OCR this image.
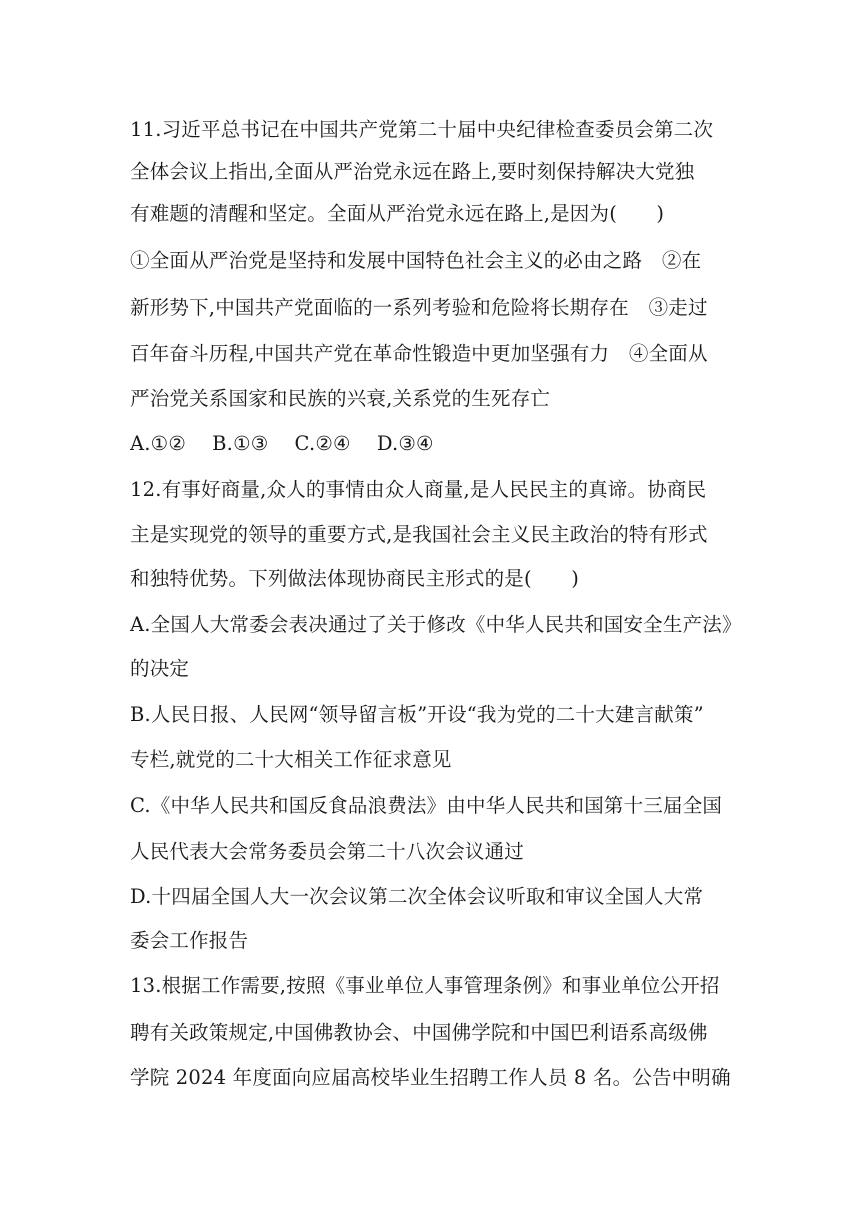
11.习近平总书记在中国共产党第二十届中央纪律检查委员会第二次
全体会议上指出,全面从严治党永远在路上,要时刻保持解决大党独
有难题的清醒和坚定。全面从严治党永远在路上,是因为(　　)
①全面从严治党是坚持和发展中国特色社会主义的必由之路　②在
新形势下,中国共产党面临的一系列考验和危险将长期存在　③走过
百年奋斗历程,中国共产党在革命性锻造中更加坚强有力　④全面从
严治党关系国家和民族的兴衰,关系党的生死存亡
A.①②　 B.①③　 C.②④　 D.③④
12.有事好商量,众人的事情由众人商量,是人民民主的真谛。协商民
主是实现党的领导的重要方式,是我国社会主义民主政治的特有形式
和独特优势。下列做法体现协商民主形式的是(　　)
A.全国人大常委会表决通过了关于修改《中华人民共和国安全生产法》
的决定
B.人民日报、人民网“领导留言板”开设“我为党的二十大建言献策”
专栏,就党的二十大相关工作征求意见
C.《中华人民共和国反食品浪费法》由中华人民共和国第十三届全国
人民代表大会常务委员会第二十八次会议通过
D.十四届全国人大一次会议第二次全体会议听取和审议全国人大常
委会工作报告
13.根据工作需要,按照《事业单位人事管理条例》和事业单位公开招
聘有关政策规定,中国佛教协会、中国佛学院和中国巴利语系高级佛
学院 2024 年度面向应届高校毕业生招聘工作人员 8 名。公告中明确
